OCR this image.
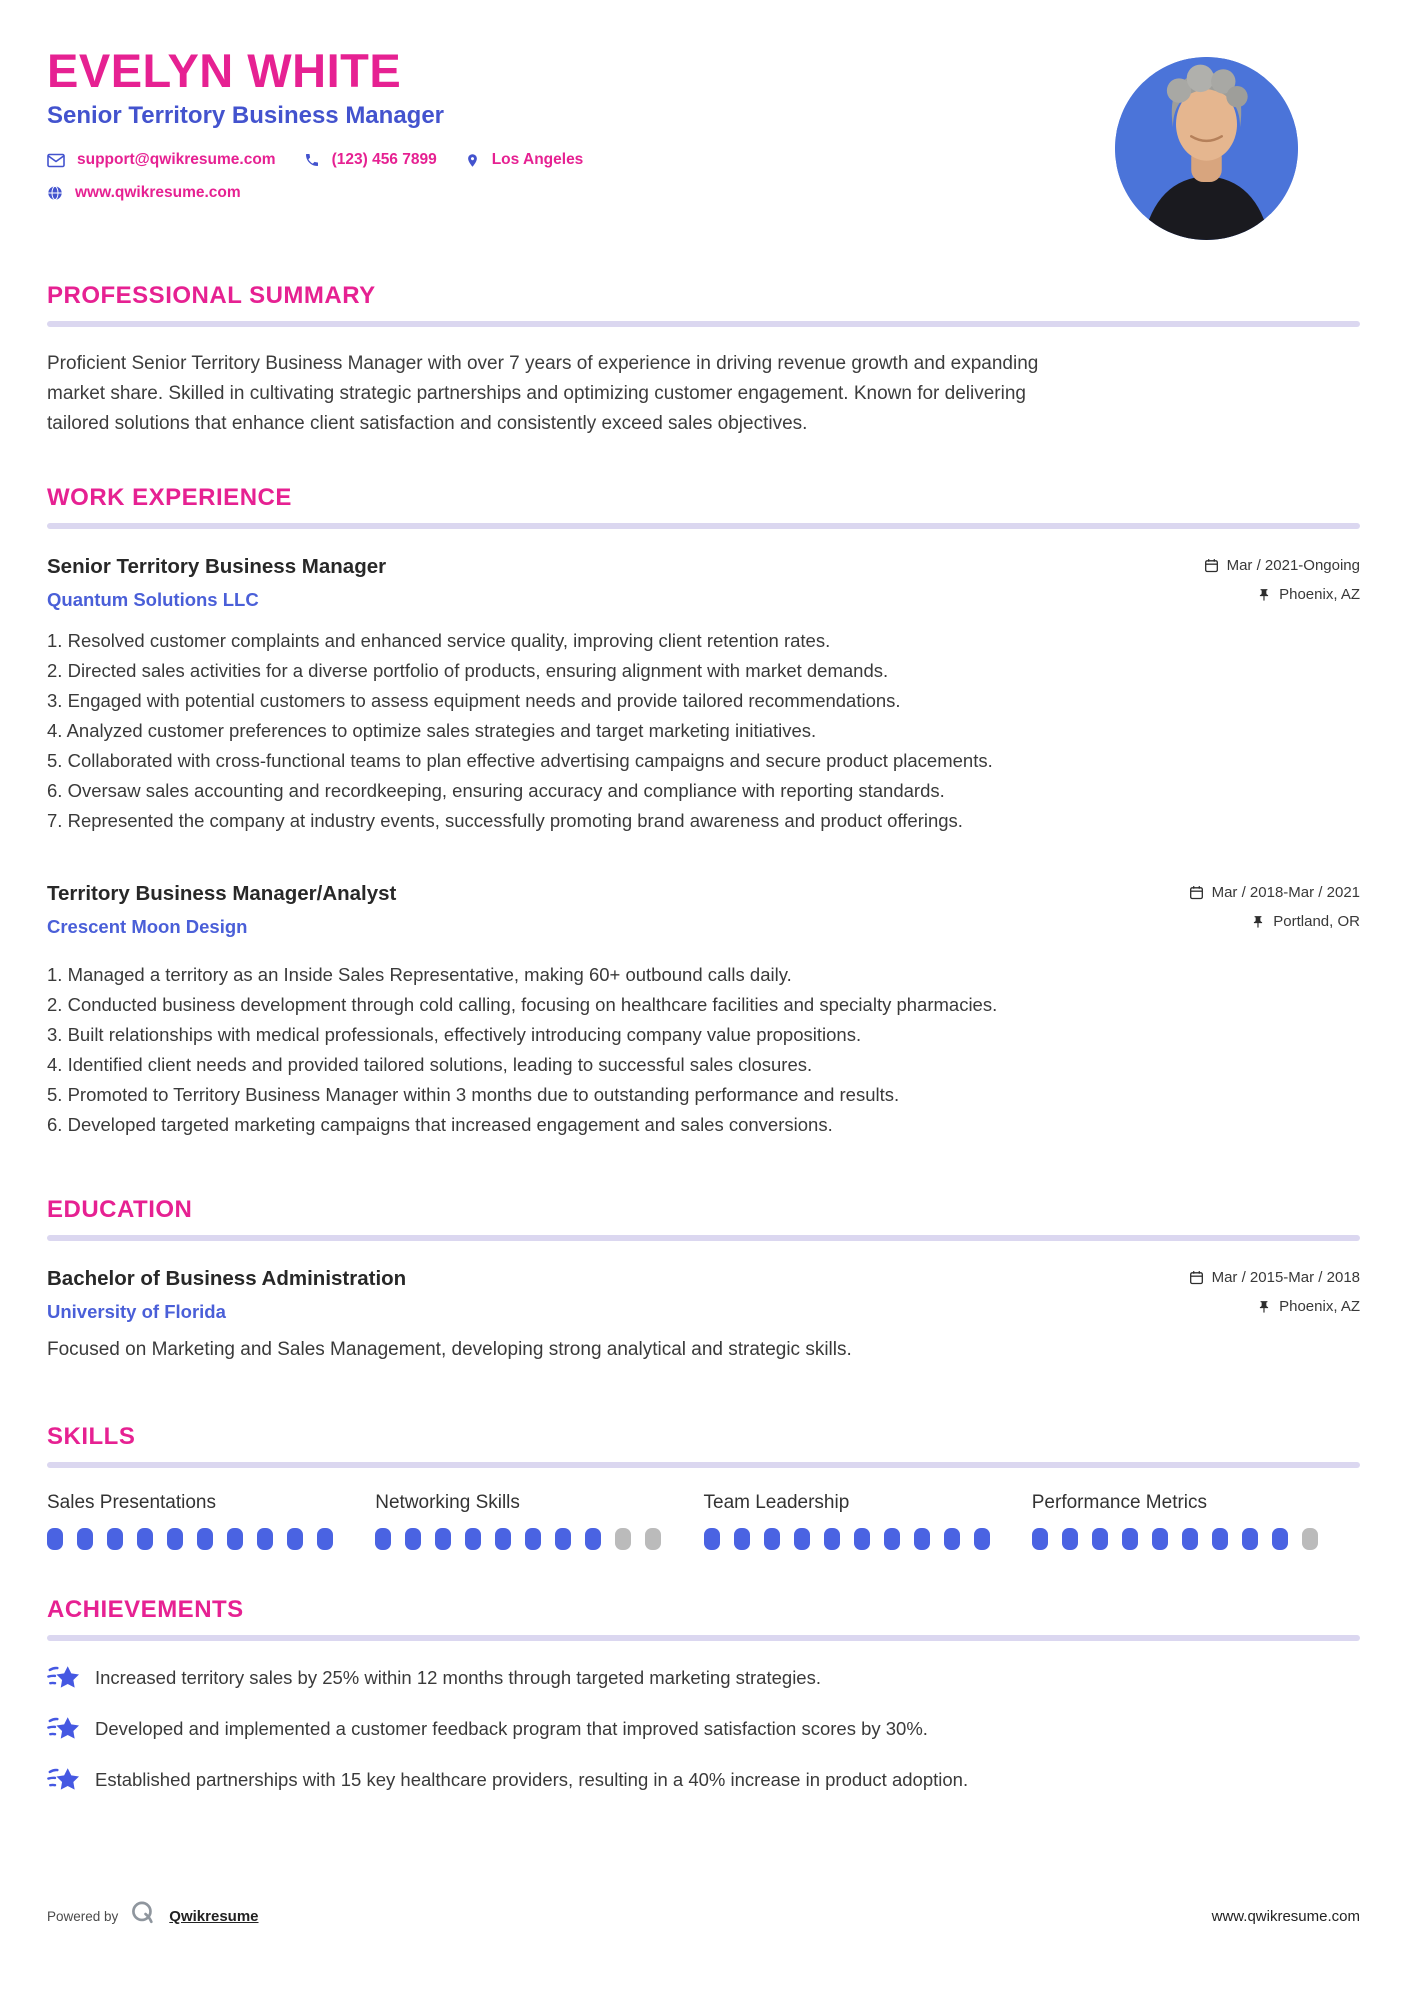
EVELYN WHITE
Senior Territory Business Manager
support@qwikresume.com	(123) 456 7899	Los Angeles
www.qwikresume.com
PROFESSIONAL SUMMARY

Proficient Senior Territory Business Manager with over 7 years of experience in driving revenue growth and expanding market share. Skilled in cultivating strategic partnerships and optimizing customer engagement. Known for delivering tailored solutions that enhance client satisfaction and consistently exceed sales objectives.

WORK EXPERIENCE
Senior Territory Business Manager
Quantum Solutions LLC
Mar / 2021-Ongoing
Phoenix, AZ
Resolved customer complaints and enhanced service quality, improving client retention rates.
Directed sales activities for a diverse portfolio of products, ensuring alignment with market demands.
Engaged with potential customers to assess equipment needs and provide tailored recommendations.
Analyzed customer preferences to optimize sales strategies and target marketing initiatives.
Collaborated with cross-functional teams to plan effective advertising campaigns and secure product placements.
Oversaw sales accounting and recordkeeping, ensuring accuracy and compliance with reporting standards.
Represented the company at industry events, successfully promoting brand awareness and product offerings.
Territory Business Manager/Analyst
Crescent Moon Design
Mar / 2018-Mar / 2021
Portland, OR
Managed a territory as an Inside Sales Representative, making 60+ outbound calls daily.
Conducted business development through cold calling, focusing on healthcare facilities and specialty pharmacies.
Built relationships with medical professionals, effectively introducing company value propositions.
Identified client needs and provided tailored solutions, leading to successful sales closures.
Promoted to Territory Business Manager within 3 months due to outstanding performance and results.
Developed targeted marketing campaigns that increased engagement and sales conversions.
EDUCATION
Bachelor of Business Administration
University of Florida
Mar / 2015-Mar / 2018
Phoenix, AZ

Focused on Marketing and Sales Management, developing strong analytical and strategic skills.

SKILLS
Sales Presentations	Networking Skills	Team Leadership	Performance Metrics
ACHIEVEMENTS
Increased territory sales by 25% within 12 months through targeted marketing strategies.
Developed and implemented a customer feedback program that improved satisfaction scores by 30%.
Established partnerships with 15 key healthcare providers, resulting in a 40% increase in product adoption.
Powered by	Qwikresume	www.qwikresume.com
